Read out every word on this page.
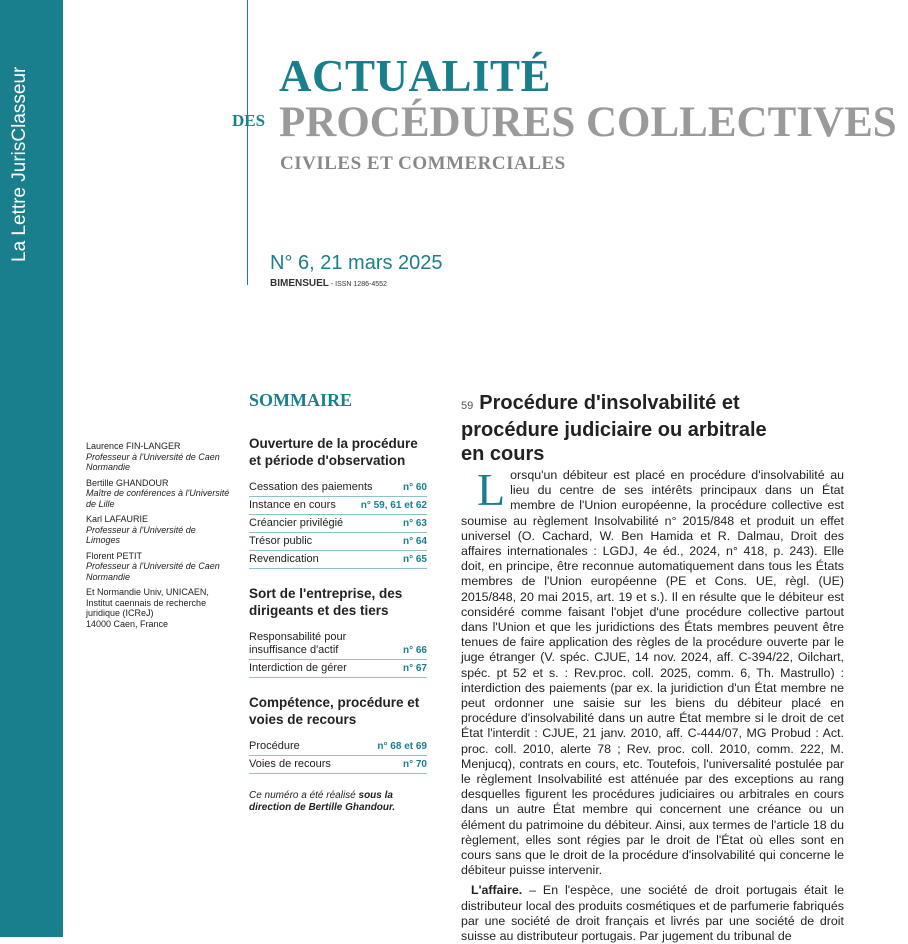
La Lettre JurisClasseur	ACTUALITÉ
DES PROCÉDURES COLLECTIVES
CIVILES ET COMMERCIALES
N° 6, 21 mars 2025
BIMENSUEL - ISSN 1286-4552
Laurence FIN-LANGER
Professeur à l'Université de Caen Normandie
Bertille GHANDOUR
Maître de conférences à l'Université de Lille
Karl LAFAURIE
Professeur à l'Université de Limoges
Florent PETIT
Professeur à l'Université de Caen Normandie
Et Normandie Univ, UNICAEN, Institut caennais de recherche juridique (ICReJ)
14000 Caen, France
SOMMAIRE
Ouverture de la procédure et période d'observation
Cessation des paiements	n° 60
Instance en cours	n° 59, 61 et 62
Créancier privilégié	n° 63
Trésor public	n° 64
Revendication	n° 65
Sort de l'entreprise, des dirigeants et des tiers
Responsabilité pour insuffisance d'actif	n° 66
Interdiction de gérer	n° 67
Compétence, procédure et voies de recours
Procédure	n° 68 et 69
Voies de recours	n° 70
Ce numéro a été réalisé sous la direction de Bertille Ghandour.
59 Procédure d'insolvabilité et procédure judiciaire ou arbitrale en cours

Lorsqu'un débiteur est placé en procédure d'insolvabilité au lieu du centre de ses intérêts principaux dans un État membre de l'Union européenne, la procédure collective est soumise au règlement Insolvabilité n° 2015/848 et produit un effet universel (O. Cachard, W. Ben Hamida et R. Dalmau, Droit des affaires internationales : LGDJ, 4e éd., 2024, n° 418, p. 243). Elle doit, en principe, être reconnue automatiquement dans tous les États membres de l'Union européenne (PE et Cons. UE, règl. (UE) 2015/848, 20 mai 2015, art. 19 et s.). Il en résulte que le débiteur est considéré comme faisant l'objet d'une procédure collective partout dans l'Union et que les juridictions des États membres peuvent être tenues de faire application des règles de la procédure ouverte par le juge étranger (V. spéc. CJUE, 14 nov. 2024, aff. C-394/22, Oilchart, spéc. pt 52 et s. : Rev.proc. coll. 2025, comm. 6, Th. Mastrullo) : interdiction des paiements (par ex. la juridiction d'un État membre ne peut ordonner une saisie sur les biens du débiteur placé en procédure d'insolvabilité dans un autre État membre si le droit de cet État l'interdit : CJUE, 21 janv. 2010, aff. C-444/07, MG Probud : Act. proc. coll. 2010, alerte 78 ; Rev. proc. coll. 2010, comm. 222, M. Menjucq), contrats en cours, etc. Toutefois, l'universalité postulée par le règlement Insolvabilité est atténuée par des exceptions au rang desquelles figurent les procédures judiciaires ou arbitrales en cours dans un autre État membre qui concernent une créance ou un élément du patrimoine du débiteur. Ainsi, aux termes de l'article 18 du règlement, elles sont régies par le droit de l'État où elles sont en cours sans que le droit de la procédure d'insolvabilité qui concerne le débiteur puisse intervenir.

L'affaire. – En l'espèce, une société de droit portugais était le distributeur local des produits cosmétiques et de parfumerie fabriqués par une société de droit français et livrés par une société de droit suisse au distributeur portugais. Par jugement du tribunal de
